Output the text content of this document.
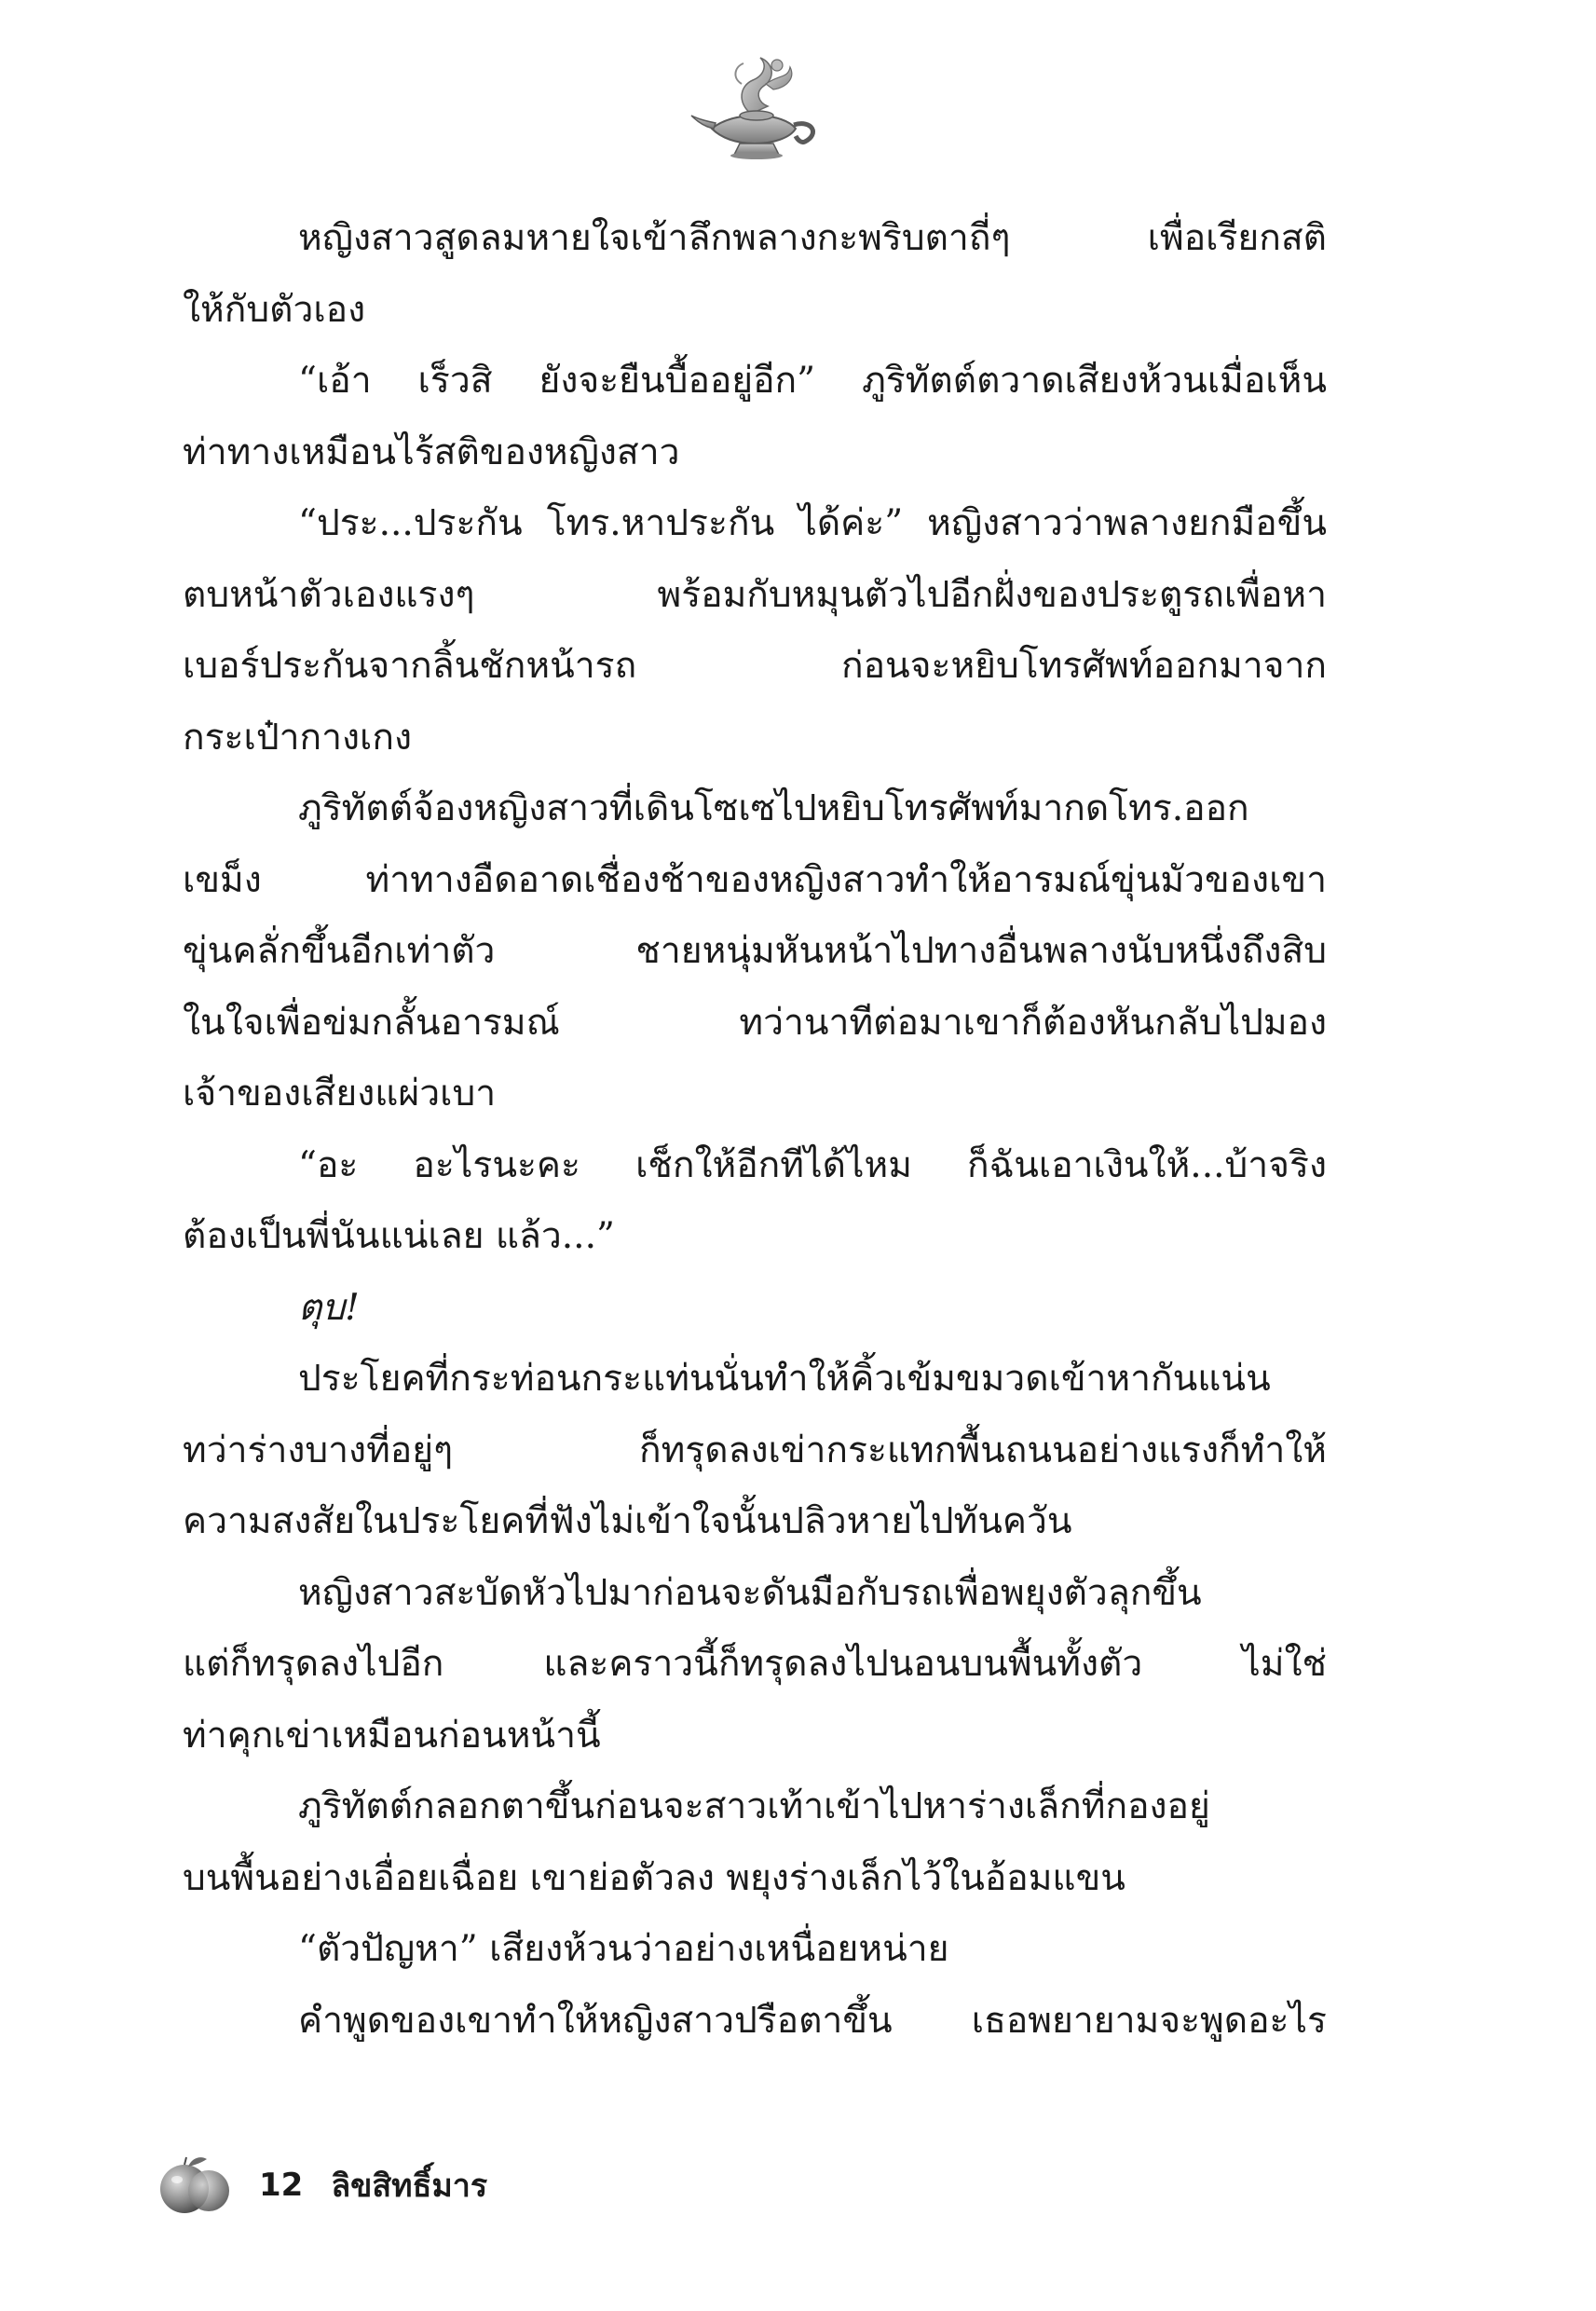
หญิงสาวสูดลมหายใจเข้าลึกพลางกะพริบตาถี่ๆ เพื่อเรียกสติ
ให้กับตัวเอง
“เอ้า เร็วสิ ยังจะยืนบื้ออยู่อีก” ภูริทัตต์ตวาดเสียงห้วนเมื่อเห็น
ท่าทางเหมือนไร้สติของหญิงสาว
“ประ...ประกัน โทร.หาประกัน ได้ค่ะ” หญิงสาวว่าพลางยกมือขึ้น
ตบหน้าตัวเองแรงๆ พร้อมกับหมุนตัวไปอีกฝั่งของประตูรถเพื่อหา
เบอร์ประกันจากลิ้นชักหน้ารถ ก่อนจะหยิบโทรศัพท์ออกมาจาก
กระเป๋ากางเกง
ภูริทัตต์จ้องหญิงสาวที่เดินโซเซไปหยิบโทรศัพท์มากดโทร.ออก
เขม็ง ท่าทางอืดอาดเชื่องช้าของหญิงสาวทำให้อารมณ์ขุ่นมัวของเขา
ขุ่นคลั่กขึ้นอีกเท่าตัว ชายหนุ่มหันหน้าไปทางอื่นพลางนับหนึ่งถึงสิบ
ในใจเพื่อข่มกลั้นอารมณ์ ทว่านาทีต่อมาเขาก็ต้องหันกลับไปมอง
เจ้าของเสียงแผ่วเบา
“อะ อะไรนะคะ เช็กให้อีกทีได้ไหม ก็ฉันเอาเงินให้...บ้าจริง
ต้องเป็นพี่นันแน่เลย แล้ว...”
ตุบ!
ประโยคที่กระท่อนกระแท่นนั่นทำให้คิ้วเข้มขมวดเข้าหากันแน่น
ทว่าร่างบางที่อยู่ๆ ก็ทรุดลงเข่ากระแทกพื้นถนนอย่างแรงก็ทำให้
ความสงสัยในประโยคที่ฟังไม่เข้าใจนั้นปลิวหายไปทันควัน
หญิงสาวสะบัดหัวไปมาก่อนจะดันมือกับรถเพื่อพยุงตัวลุกขึ้น
แต่ก็ทรุดลงไปอีก และคราวนี้ก็ทรุดลงไปนอนบนพื้นทั้งตัว ไม่ใช่
ท่าคุกเข่าเหมือนก่อนหน้านี้
ภูริทัตต์กลอกตาขึ้นก่อนจะสาวเท้าเข้าไปหาร่างเล็กที่กองอยู่
บนพื้นอย่างเอื่อยเฉื่อย เขาย่อตัวลง พยุงร่างเล็กไว้ในอ้อมแขน
“ตัวปัญหา” เสียงห้วนว่าอย่างเหนื่อยหน่าย
คำพูดของเขาทำให้หญิงสาวปรือตาขึ้น เธอพยายามจะพูดอะไร
12 ลิขสิทธิ์มาร
